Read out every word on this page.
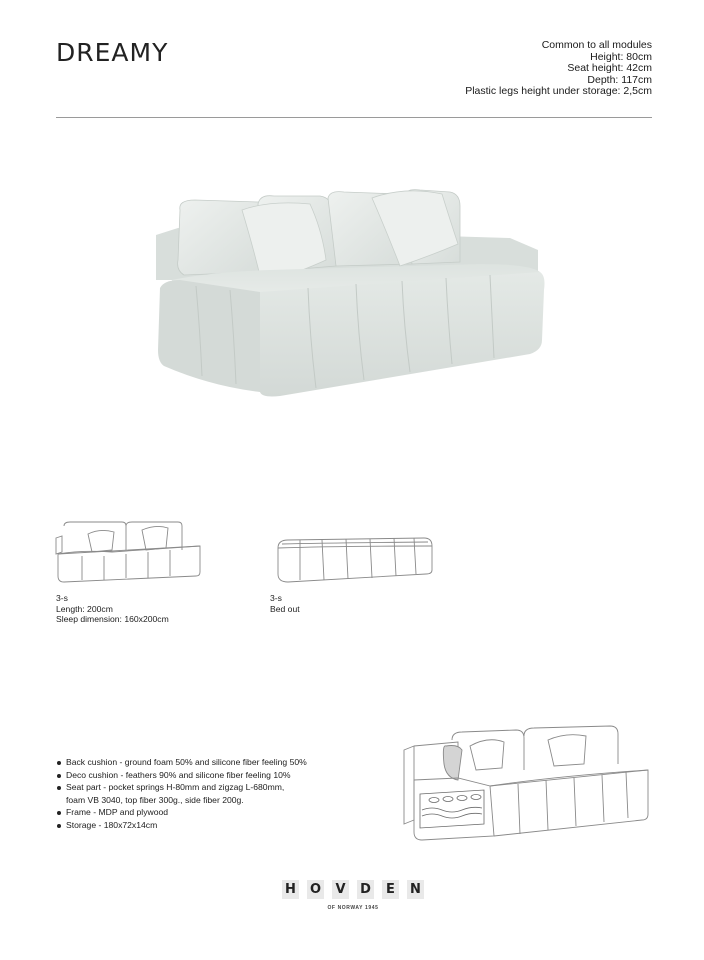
DREAMY	Common to all modules
Height: 80cm
Seat height: 42cm
Depth: 117cm
Plastic legs height under storage: 2,5cm
3-s
Length: 200cm
Sleep dimension: 160x200cm
3-s
Bed out
Back cushion - ground foam 50% and silicone fiber feeling 50%
Deco cushion - feathers 90% and silicone fiber feeling 10%
Seat part - pocket springs H-80mm and zigzag L-680mm,
foam VB 3040, top fiber 300g., side fiber 200g.
Frame - MDP and plywood
Storage - 180x72x14cm
H O V D	E	N
OF NORWAY 1945
